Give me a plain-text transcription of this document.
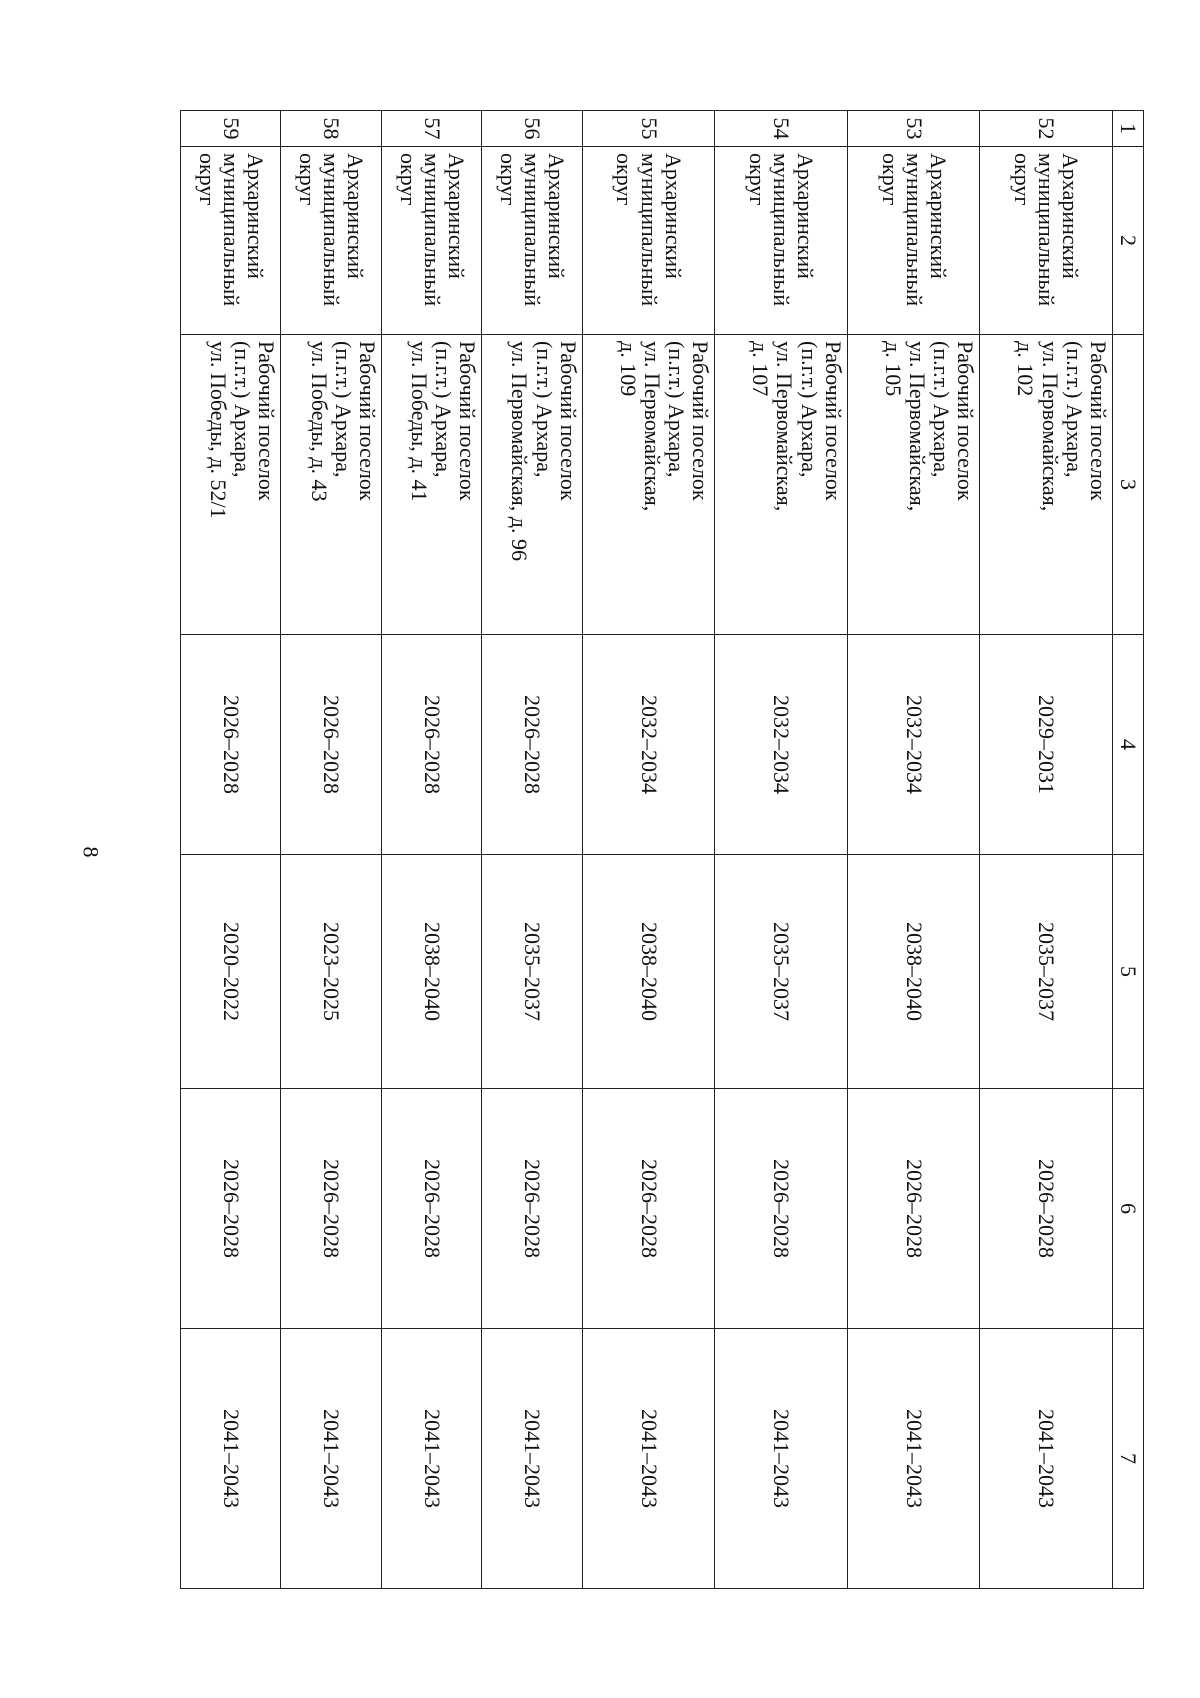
8
1	2	3	4	5	6	7
52	Архаринский
муниципальный
округ	Рабочий поселок
(п.г.т.) Архара,
ул. Первомайская,
д. 102	2029–2031	2035–2037	2026–2028	2041–2043
53	Архаринский
муниципальный
округ	Рабочий поселок
(п.г.т.) Архара,
ул. Первомайская,
д. 105	2032–2034	2038–2040	2026–2028	2041–2043
54	Архаринский
муниципальный
округ	Рабочий поселок
(п.г.т.) Архара,
ул. Первомайская,
д. 107	2032–2034	2035–2037	2026–2028	2041–2043
55	Архаринский
муниципальный
округ	Рабочий поселок
(п.г.т.) Архара,
ул. Первомайская,
д. 109	2032–2034	2038–2040	2026–2028	2041–2043
56	Архаринский
муниципальный
округ	Рабочий поселок
(п.г.т.) Архара,
ул. Первомайская, д. 96	2026–2028	2035–2037	2026–2028	2041–2043
57	Архаринский
муниципальный
округ	Рабочий поселок
(п.г.т.) Архара,
ул. Победы, д. 41	2026–2028	2038–2040	2026–2028	2041–2043
58	Архаринский
муниципальный
округ	Рабочий поселок
(п.г.т.) Архара,
ул. Победы, д. 43	2026–2028	2023–2025	2026–2028	2041–2043
59	Архаринский
муниципальный
округ	Рабочий поселок
(п.г.т.) Архара,
ул. Победы, д. 52/1	2026–2028	2020–2022	2026–2028	2041–2043
